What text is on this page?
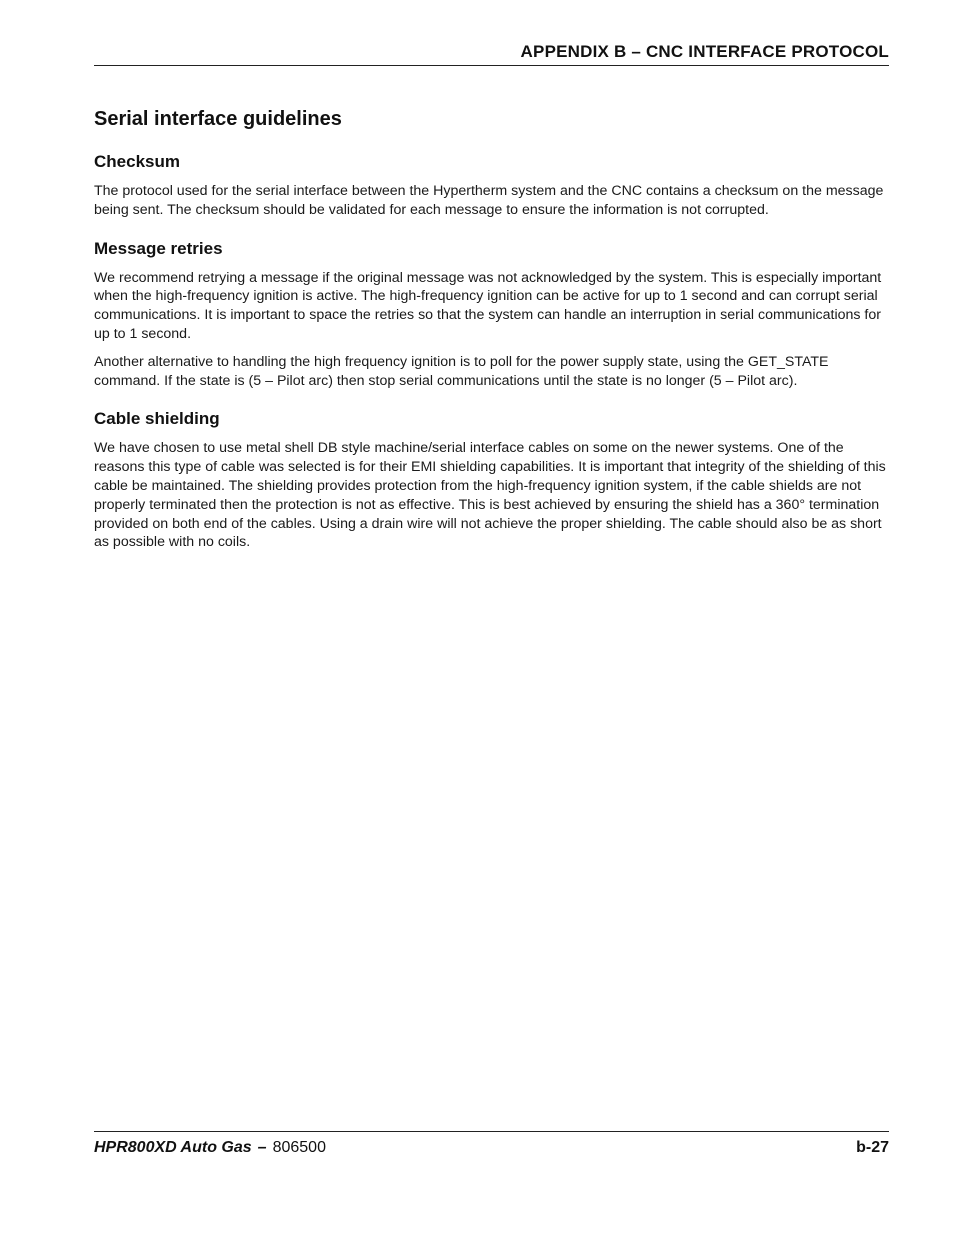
APPENDIX B – CNC INTERFACE PROTOCOL
Serial interface guidelines
Checksum

The protocol used for the serial interface between the Hypertherm system and the CNC contains a checksum on the message being sent. The checksum should be validated for each message to ensure the information is not corrupted.

Message retries

We recommend retrying a message if the original message was not acknowledged by the system. This is especially important when the high-frequency ignition is active. The high-frequency ignition can be active for up to 1 second and can corrupt serial communications. It is important to space the retries so that the system can handle an interruption in serial communications for up to 1 second.

Another alternative to handling the high frequency ignition is to poll for the power supply state, using the GET_STATE command. If the state is (5 – Pilot arc) then stop serial communications until the state is no longer (5 – Pilot arc).

Cable shielding

We have chosen to use metal shell DB style machine/serial interface cables on some on the newer systems. One of the reasons this type of cable was selected is for their EMI shielding capabilities. It is important that integrity of the shielding of this cable be maintained. The shielding provides protection from the high-frequency ignition system, if the cable shields are not properly terminated then the protection is not as effective. This is best achieved by ensuring the shield has a 360° termination provided on both end of the cables. Using a drain wire will not achieve the proper shielding. The cable should also be as short as possible with no coils.

HPR800XD Auto Gas – 806500	b-27
